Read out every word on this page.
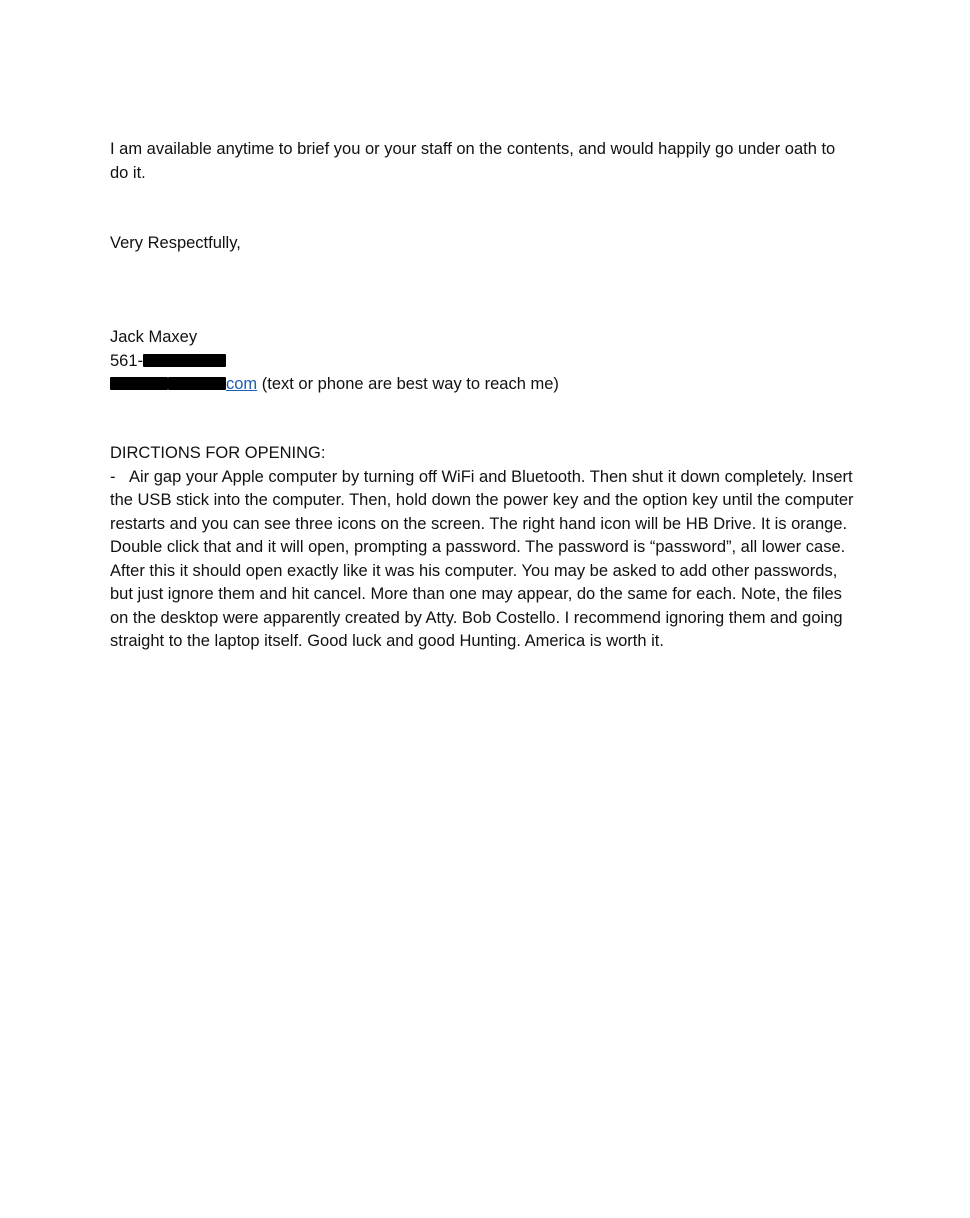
I am available anytime to brief you or your staff on the contents, and would happily go under oath to do it.

Very Respectfully,

Jack Maxey
561-
com (text or phone are best way to reach me)
DIRCTIONS FOR OPENING:
- Air gap your Apple computer by turning off WiFi and Bluetooth. Then shut it down completely. Insert the USB stick into the computer. Then, hold down the power key and the option key until the computer restarts and you can see three icons on the screen. The right hand icon will be HB Drive. It is orange. Double click that and it will open, prompting a password. The password is “password”, all lower case. After this it should open exactly like it was his computer. You may be asked to add other passwords, but just ignore them and hit cancel. More than one may appear, do the same for each. Note, the files on the desktop were apparently created by Atty. Bob Costello. I recommend ignoring them and going straight to the laptop itself. Good luck and good Hunting. America is worth it.
